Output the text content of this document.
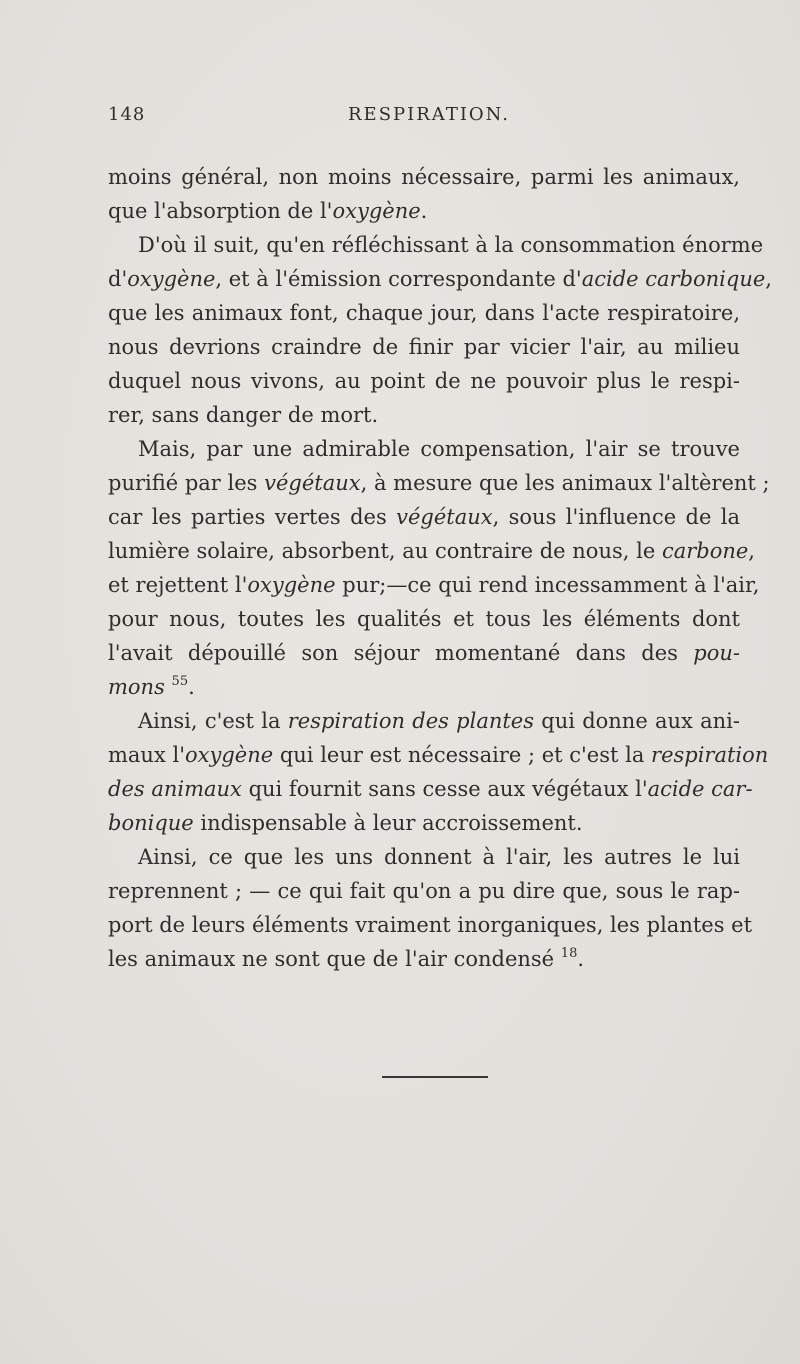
148	RESPIRATION.
moins général, non moins nécessaire, parmi les animaux,
que l'absorption de l'oxygène.
D'où il suit, qu'en réfléchissant à la consommation énorme
d'oxygène, et à l'émission correspondante d'acide carbonique,
que les animaux font, chaque jour, dans l'acte respiratoire,
nous devrions craindre de finir par vicier l'air, au milieu
duquel nous vivons, au point de ne pouvoir plus le respi-
rer, sans danger de mort.
Mais, par une admirable compensation, l'air se trouve
purifié par les végétaux, à mesure que les animaux l'altèrent ;
car les parties vertes des végétaux, sous l'influence de la
lumière solaire, absorbent, au contraire de nous, le carbone,
et rejettent l'oxygène pur;—ce qui rend incessamment à l'air,
pour nous, toutes les qualités et tous les éléments dont
l'avait dépouillé son séjour momentané dans des pou-
mons $^{55}$.
Ainsi, c'est la respiration des plantes qui donne aux ani-
maux l'oxygène qui leur est nécessaire ; et c'est la respiration
des animaux qui fournit sans cesse aux végétaux l'acide car-
bonique indispensable à leur accroissement.
Ainsi, ce que les uns donnent à l'air, les autres le lui
reprennent ; — ce qui fait qu'on a pu dire que, sous le rap-
port de leurs éléments vraiment inorganiques, les plantes et
les animaux ne sont que de l'air condensé $^{18}$.
